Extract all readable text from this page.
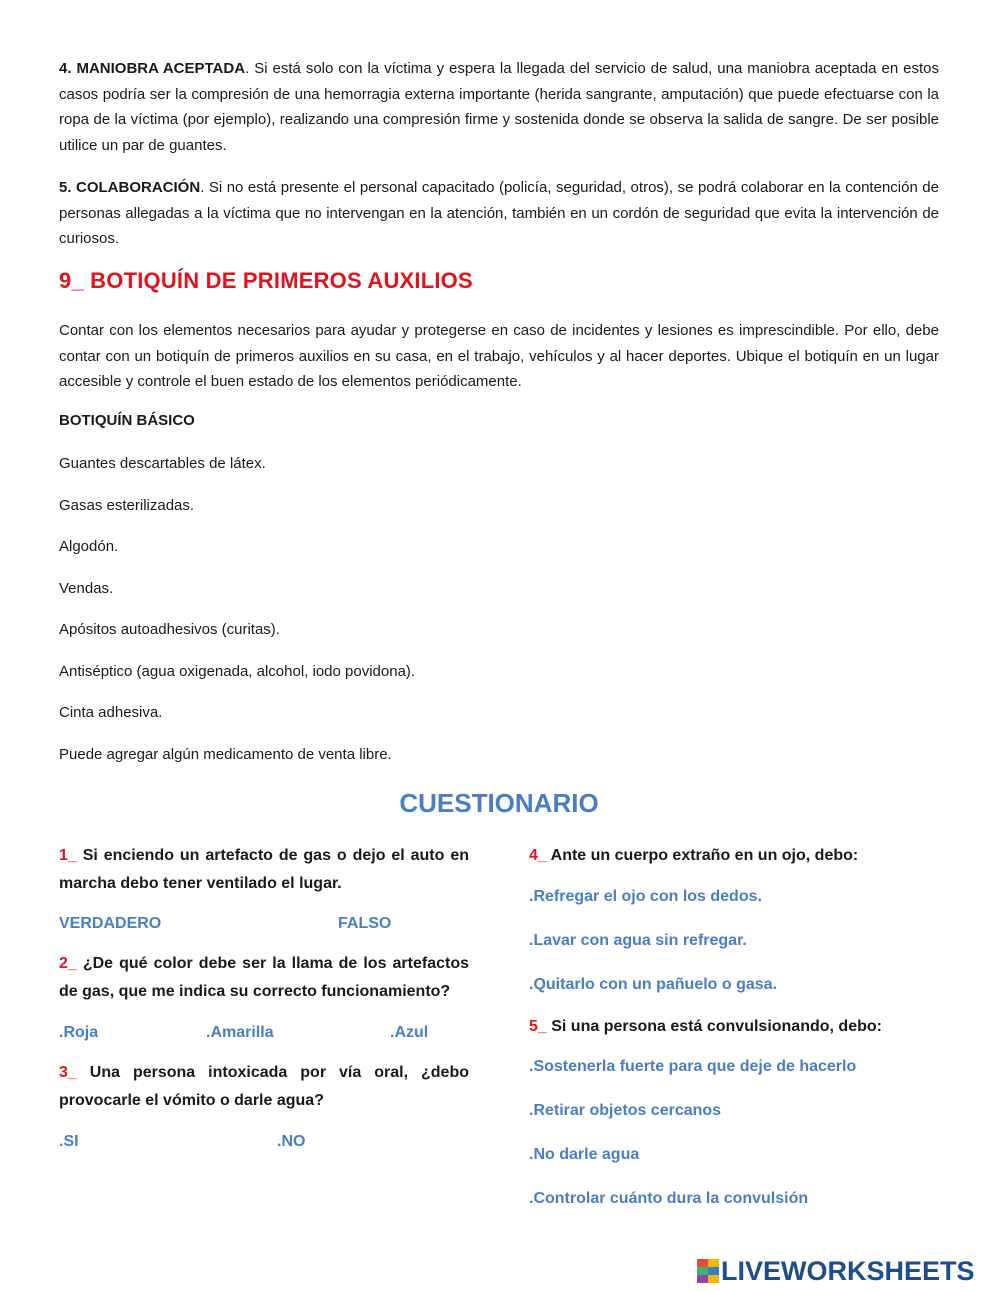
4. MANIOBRA ACEPTADA. Si está solo con la víctima y espera la llegada del servicio de salud, una maniobra aceptada en estos casos podría ser la compresión de una hemorragia externa importante (herida sangrante, amputación) que puede efectuarse con la ropa de la víctima (por ejemplo), realizando una compresión firme y sostenida donde se observa la salida de sangre. De ser posible utilice un par de guantes.

5. COLABORACIÓN. Si no está presente el personal capacitado (policía, seguridad, otros), se podrá colaborar en la contención de personas allegadas a la víctima que no intervengan en la atención, también en un cordón de seguridad que evita la intervención de curiosos.

9_ BOTIQUÍN DE PRIMEROS AUXILIOS

Contar con los elementos necesarios para ayudar y protegerse en caso de incidentes y lesiones es imprescindible. Por ello, debe contar con un botiquín de primeros auxilios en su casa, en el trabajo, vehículos y al hacer deportes. Ubique el botiquín en un lugar accesible y controle el buen estado de los elementos periódicamente.

BOTIQUÍN BÁSICO

Guantes descartables de látex.
Gasas esterilizadas.
Algodón.
Vendas.
Apósitos autoadhesivos (curitas).
Antiséptico (agua oxigenada, alcohol, iodo povidona).
Cinta adhesiva.
Puede agregar algún medicamento de venta libre.
CUESTIONARIO

1_ Si enciendo un artefacto de gas o dejo el auto en marcha debo tener ventilado el lugar.

VERDADERO	FALSO

2_ ¿De qué color debe ser la llama de los artefactos de gas, que me indica su correcto funcionamiento?

.Roja	.Amarilla	.Azul

3_ Una persona intoxicada por vía oral, ¿debo provocarle el vómito o darle agua?

.SI	.NO

4_ Ante un cuerpo extraño en un ojo, debo:

.Refregar el ojo con los dedos.

.Lavar con agua sin refregar.

.Quitarlo con un pañuelo o gasa.

5_ Si una persona está convulsionando, debo:

.Sostenerla fuerte para que deje de hacerlo

.Retirar objetos cercanos

.No darle agua

.Controlar cuánto dura la convulsión

LIVEWORKSHEETS
